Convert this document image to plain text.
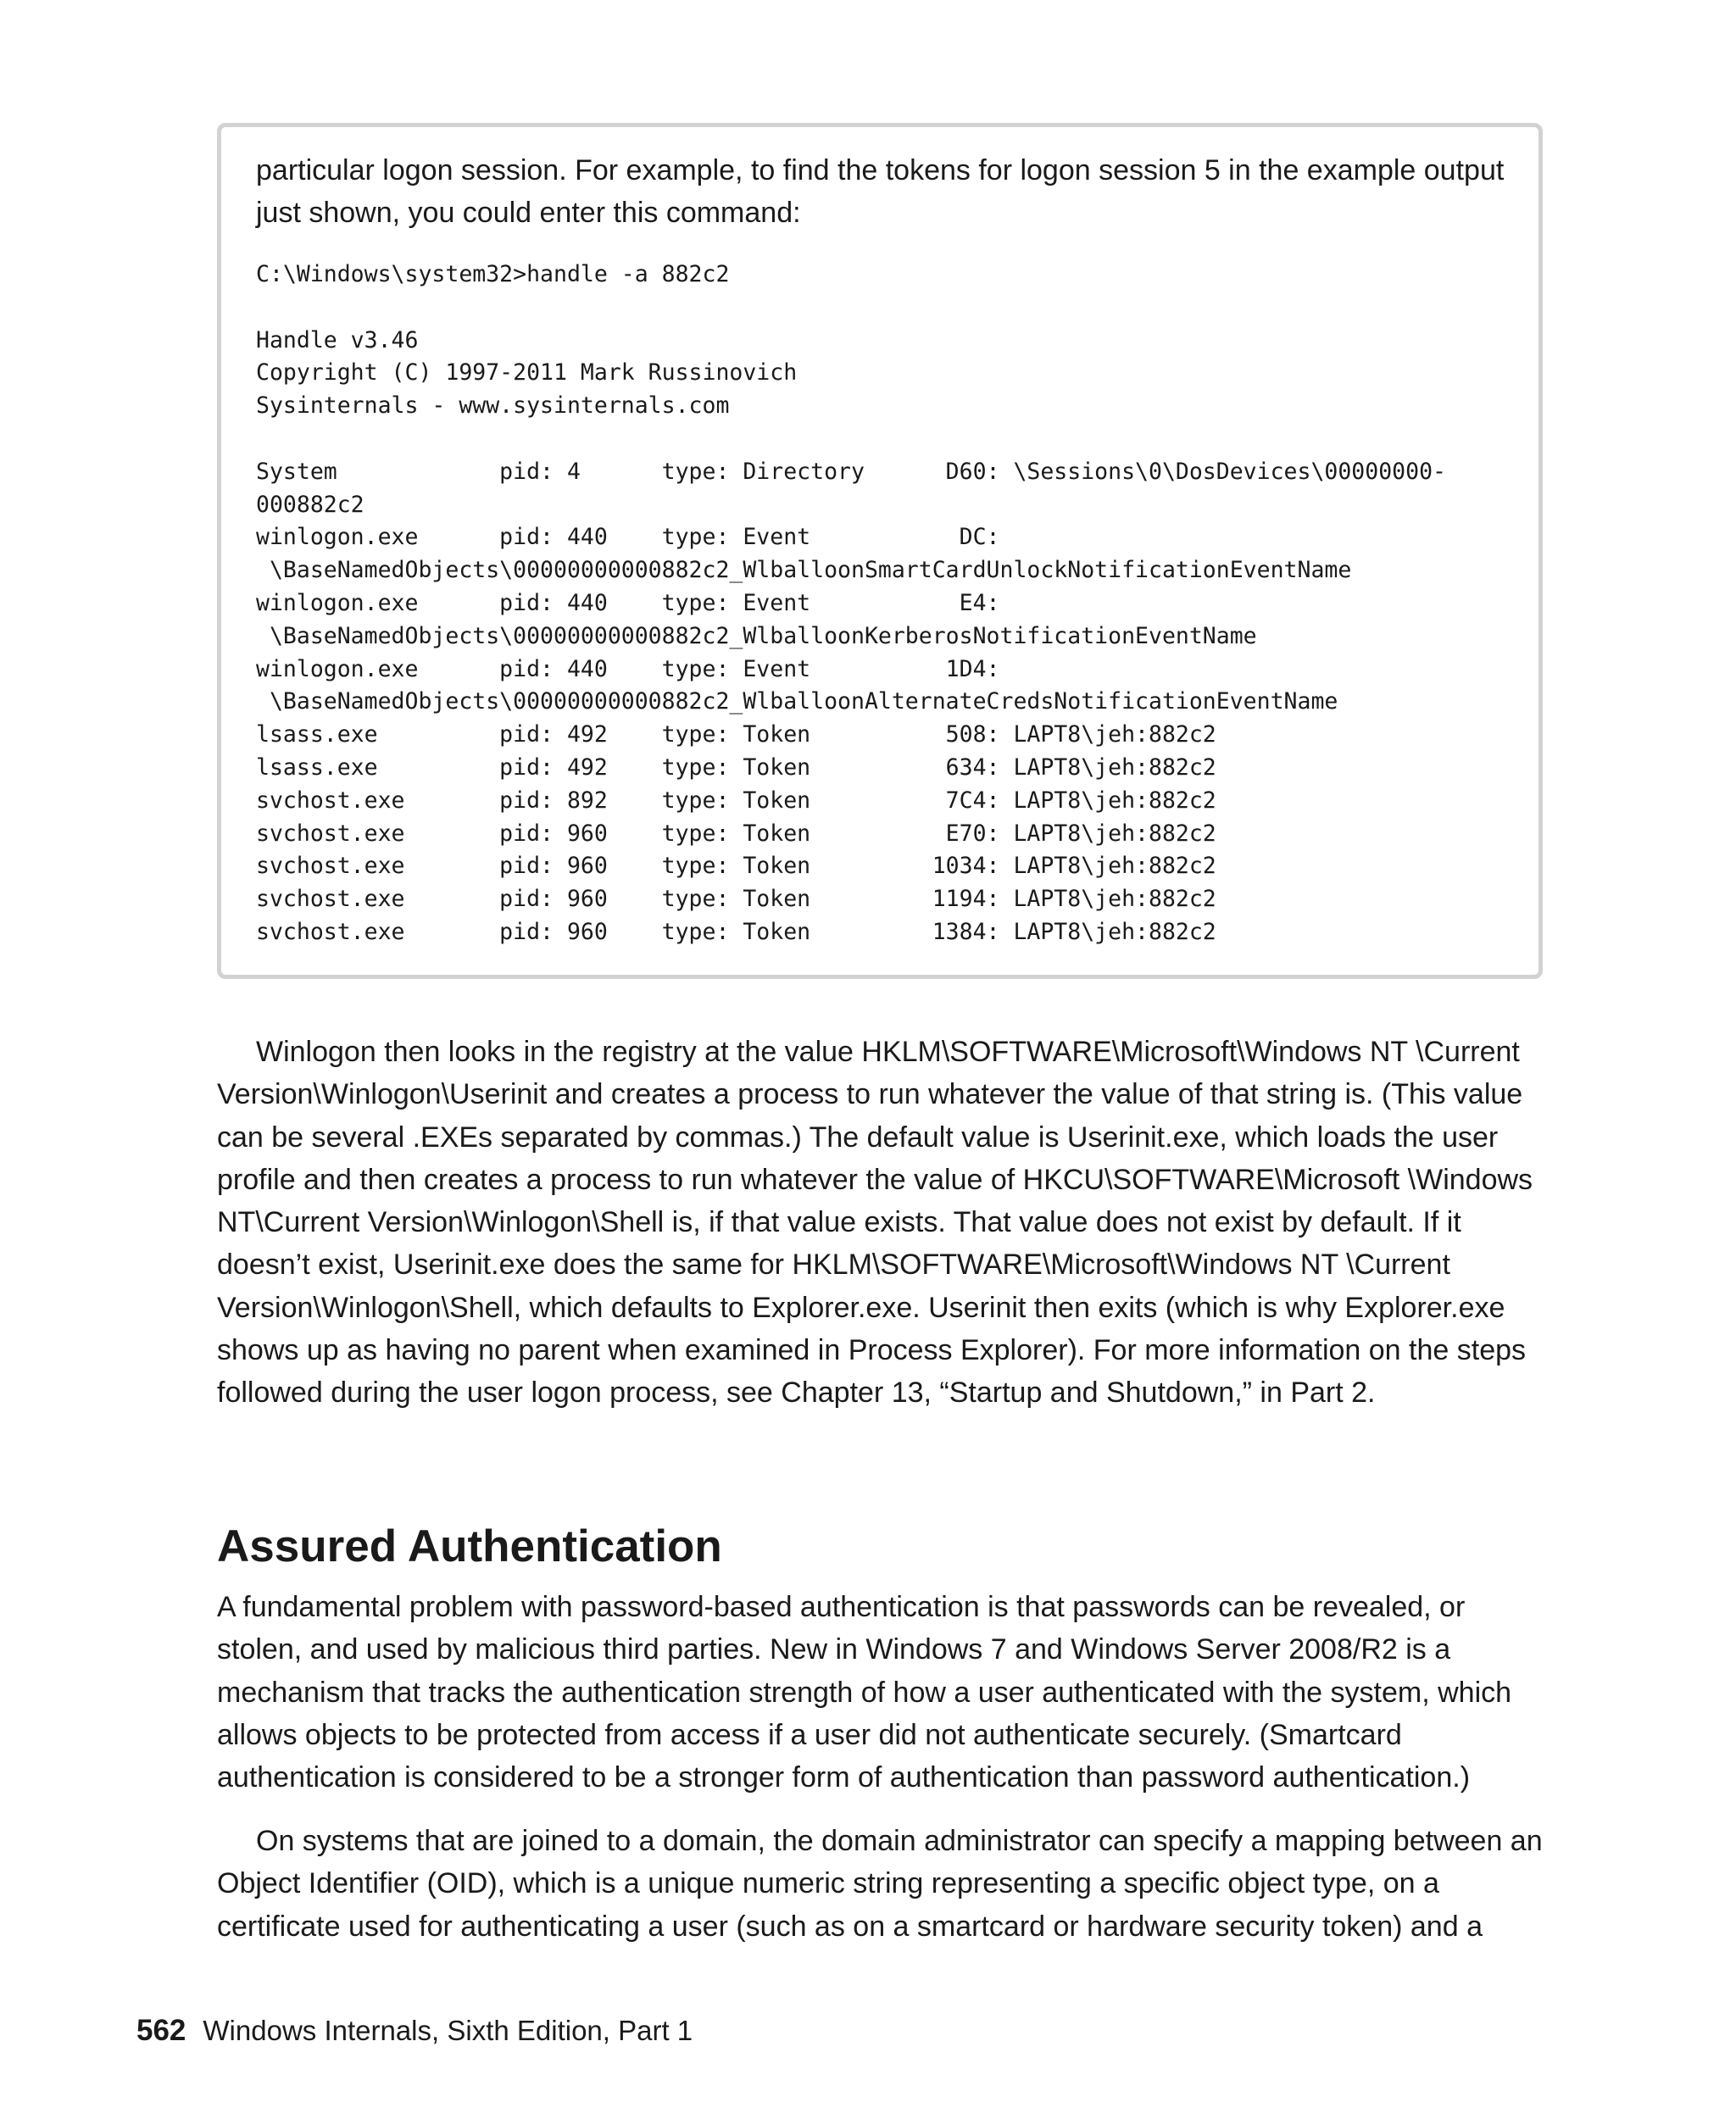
particular logon session. For example, to find the tokens for logon session 5 in the example output just shown, you could enter this command:

C:\Windows\system32>handle -a 882c2

Handle v3.46
Copyright (C) 1997-2011 Mark Russinovich
Sysinternals - www.sysinternals.com

System            pid: 4      type: Directory      D60: \Sessions\0\DosDevices\00000000-
000882c2
winlogon.exe      pid: 440    type: Event           DC:
\BaseNamedObjects\00000000000882c2_WlballoonSmartCardUnlockNotificationEventName
winlogon.exe      pid: 440    type: Event           E4:
\BaseNamedObjects\00000000000882c2_WlballoonKerberosNotificationEventName
winlogon.exe      pid: 440    type: Event          1D4:
\BaseNamedObjects\00000000000882c2_WlballoonAlternateCredsNotificationEventName
lsass.exe         pid: 492    type: Token          508: LAPT8\jeh:882c2
lsass.exe         pid: 492    type: Token          634: LAPT8\jeh:882c2
svchost.exe       pid: 892    type: Token          7C4: LAPT8\jeh:882c2
svchost.exe       pid: 960    type: Token          E70: LAPT8\jeh:882c2
svchost.exe       pid: 960    type: Token         1034: LAPT8\jeh:882c2
svchost.exe       pid: 960    type: Token         1194: LAPT8\jeh:882c2
svchost.exe       pid: 960    type: Token         1384: LAPT8\jeh:882c2

Winlogon then looks in the registry at the value HKLM\SOFTWARE\Microsoft\Windows NT \Current Version\Winlogon\Userinit and creates a process to run whatever the value of that string is. (This value can be several .EXEs separated by commas.) The default value is Userinit.exe, which loads the user profile and then creates a process to run whatever the value of HKCU\SOFTWARE\Microsoft \Windows NT\Current Version\Winlogon\Shell is, if that value exists. That value does not exist by default. If it doesn’t exist, Userinit.exe does the same for HKLM\SOFTWARE\Microsoft\Windows NT \Current Version\Winlogon\Shell, which defaults to Explorer.exe. Userinit then exits (which is why Explorer.exe shows up as having no parent when examined in Process Explorer). For more information on the steps followed during the user logon process, see Chapter 13, “Startup and Shutdown,” in Part 2.

Assured Authentication

A fundamental problem with password-based authentication is that passwords can be revealed, or stolen, and used by malicious third parties. New in Windows 7 and Windows Server 2008/R2 is a mechanism that tracks the authentication strength of how a user authenticated with the system, which allows objects to be protected from access if a user did not authenticate securely. (Smartcard authentication is considered to be a stronger form of authentication than password authentication.)

On systems that are joined to a domain, the domain administrator can specify a mapping between an Object Identifier (OID), which is a unique numeric string representing a specific object type, on a certificate used for authenticating a user (such as on a smartcard or hardware security token) and a

562 Windows Internals, Sixth Edition, Part 1
